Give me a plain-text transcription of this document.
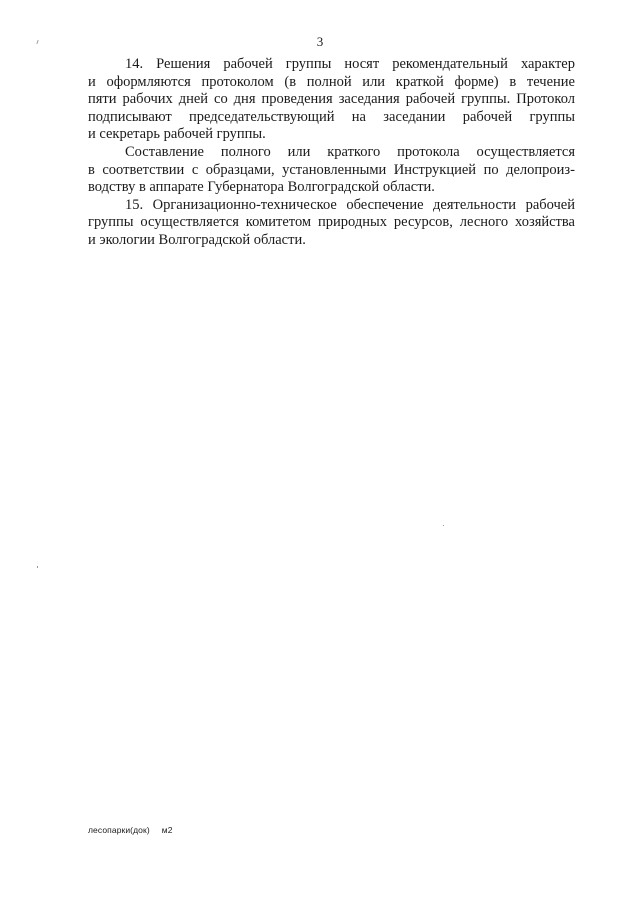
3

14. Решения рабочей группы носят рекомендательный характер
и оформляются протоколом (в полной или краткой форме) в течение
пяти рабочих дней со дня проведения заседания рабочей группы. Протокол
подписывают председательствующий на заседании рабочей группы
и секретарь рабочей группы.

Составление полного или краткого протокола осуществляется
в соответствии с образцами, установленными Инструкцией по делопроиз-
водству в аппарате Губернатора Волгоградской области.

15. Организационно-техническое обеспечение деятельности рабочей
группы осуществляется комитетом природных ресурсов, лесного хозяйства
и экологии Волгоградской области.

лесопарки(док) м2
